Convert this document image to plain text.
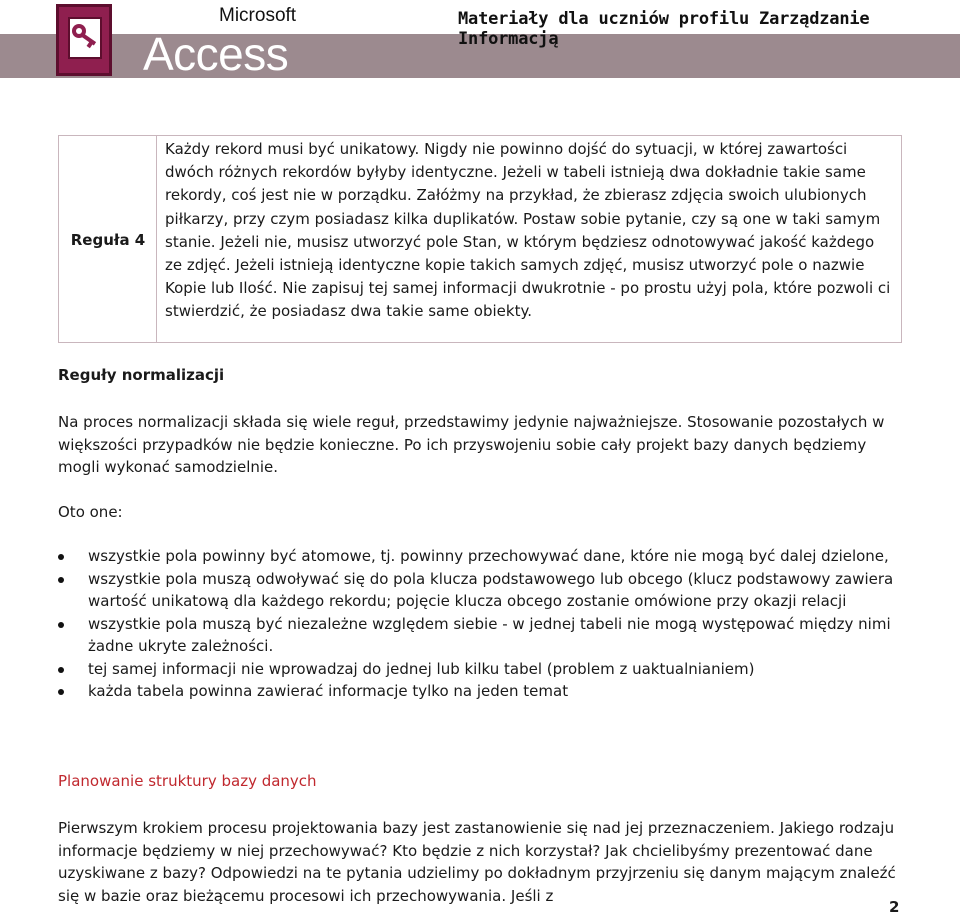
Microsoft
Access
Materiały dla uczniów profilu Zarządzanie Informacją
Reguła 4

Każdy rekord musi być unikatowy. Nigdy nie powinno dojść do sytuacji, w której zawartości dwóch różnych rekordów byłyby identyczne. Jeżeli w tabeli istnieją dwa dokładnie takie same rekordy, coś jest nie w porządku. Załóżmy na przykład, że zbierasz zdjęcia swoich ulubionych piłkarzy, przy czym posiadasz kilka duplikatów. Postaw sobie pytanie, czy są one w taki samym stanie. Jeżeli nie, musisz utworzyć pole Stan, w którym będziesz odnotowywać jakość każdego ze zdjęć. Jeżeli istnieją identyczne kopie takich samych zdjęć, musisz utworzyć pole o nazwie Kopie lub Ilość. Nie zapisuj tej samej informacji dwukrotnie - po prostu użyj pola, które pozwoli ci stwierdzić, że posiadasz dwa takie same obiekty.

Reguły normalizacji

Na proces normalizacji składa się wiele reguł, przedstawimy jedynie najważniejsze. Stosowanie pozostałych w większości przypadków nie będzie konieczne. Po ich przyswojeniu sobie cały projekt bazy danych będziemy mogli wykonać samodzielnie.

Oto one:

wszystkie pola powinny być atomowe, tj. powinny przechowywać dane, które nie mogą być dalej dzielone,
wszystkie pola muszą odwoływać się do pola klucza podstawowego lub obcego (klucz podstawowy zawiera wartość unikatową dla każdego rekordu; pojęcie klucza obcego zostanie omówione przy okazji relacji
wszystkie pola muszą być niezależne względem siebie - w jednej tabeli nie mogą występować między nimi żadne ukryte zależności.
tej samej informacji nie wprowadzaj do jednej lub kilku tabel (problem z uaktualnianiem)
każda tabela powinna zawierać informacje tylko na jeden temat
Planowanie struktury bazy danych

Pierwszym krokiem procesu projektowania bazy jest zastanowienie się nad jej przeznaczeniem. Jakiego rodzaju informacje będziemy w niej przechowywać? Kto będzie z nich korzystał? Jak chcielibyśmy prezentować dane uzyskiwane z bazy? Odpowiedzi na te pytania udzielimy po dokładnym przyjrzeniu się danym mającym znaleźć się w bazie oraz bieżącemu procesowi ich przechowywania. Jeśli z

2
